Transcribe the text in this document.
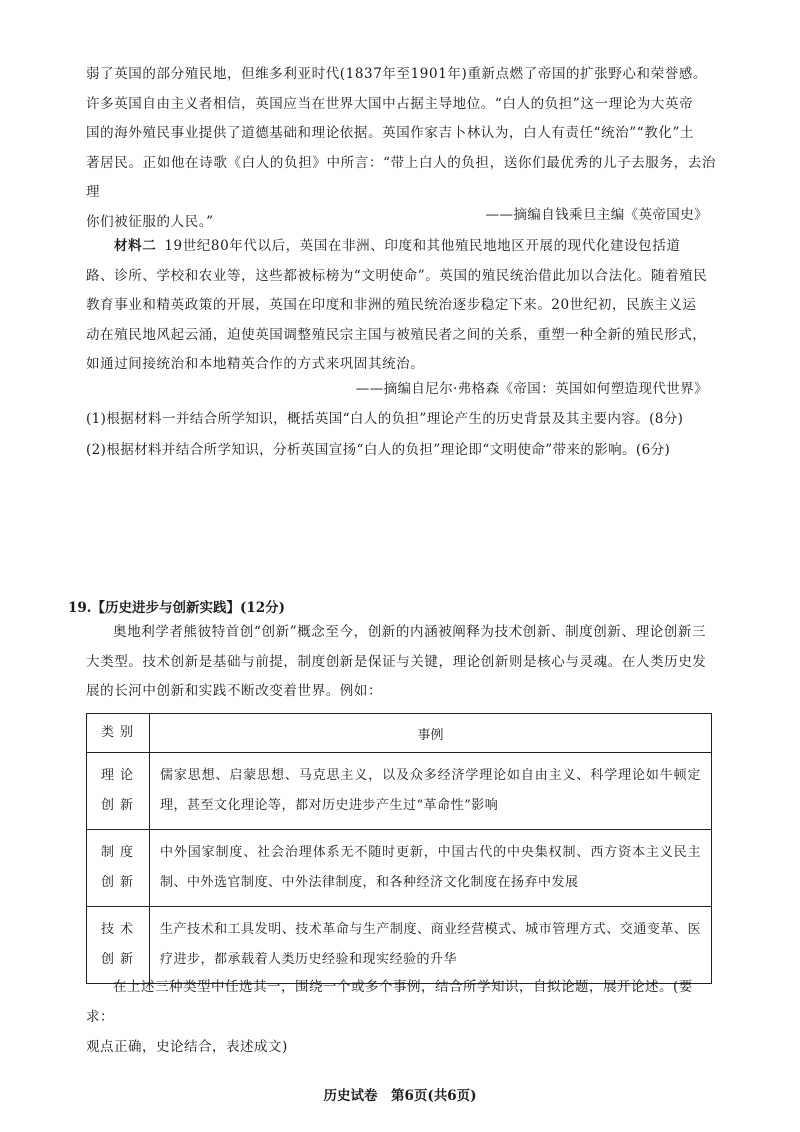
弱了英国的部分殖民地，但维多利亚时代(1837年至1901年)重新点燃了帝国的扩张野心和荣誉感。
许多英国自由主义者相信，英国应当在世界大国中占据主导地位。“白人的负担”这一理论为大英帝
国的海外殖民事业提供了道德基础和理论依据。英国作家吉卜林认为，白人有责任“统治”“教化”土
著居民。正如他在诗歌《白人的负担》中所言：“带上白人的负担，送你们最优秀的儿子去服务，去治理
你们被征服的人民。”	——摘编自钱乘旦主编《英帝国史》

材料二 19世纪80年代以后，英国在非洲、印度和其他殖民地地区开展的现代化建设包括道
路、诊所、学校和农业等，这些都被标榜为“文明使命”。英国的殖民统治借此加以合法化。随着殖民
教育事业和精英政策的开展，英国在印度和非洲的殖民统治逐步稳定下来。20世纪初，民族主义运
动在殖民地风起云涌，迫使英国调整殖民宗主国与被殖民者之间的关系，重塑一种全新的殖民形式，
如通过间接统治和本地精英合作的方式来巩固其统治。

——摘编自尼尔·弗格森《帝国：英国如何塑造现代世界》

(1)根据材料一并结合所学知识，概括英国“白人的负担”理论产生的历史背景及其主要内容。(8分)

(2)根据材料并结合所学知识，分析英国宣扬“白人的负担”理论即“文明使命”带来的影响。(6分)

19.【历史进步与创新实践】(12分)

奥地利学者熊彼特首创“创新”概念至今，创新的内涵被阐释为技术创新、制度创新、理论创新三
大类型。技术创新是基础与前提，制度创新是保证与关键，理论创新则是核心与灵魂。在人类历史发
展的长河中创新和实践不断改变着世界。例如：
类别	事例

理论
创新	儒家思想、启蒙思想、马克思主义，以及众多经济学理论如自由主义、科学理论如牛顿定理，甚至文化理论等，都对历史进步产生过“革命性”影响

制度
创新	中外国家制度、社会治理体系无不随时更新，中国古代的中央集权制、西方资本主义民主制、中外选官制度、中外法律制度，和各种经济文化制度在扬弃中发展

技术
创新	生产技术和工具发明、技术革命与生产制度、商业经营模式、城市管理方式、交通变革、医疗进步，都承载着人类历史经验和现实经验的升华
在上述三种类型中任选其一，围绕一个或多个事例，结合所学知识，自拟论题，展开论述。(要求：
观点正确，史论结合，表述成文)

历史试卷　第6页(共6页)
